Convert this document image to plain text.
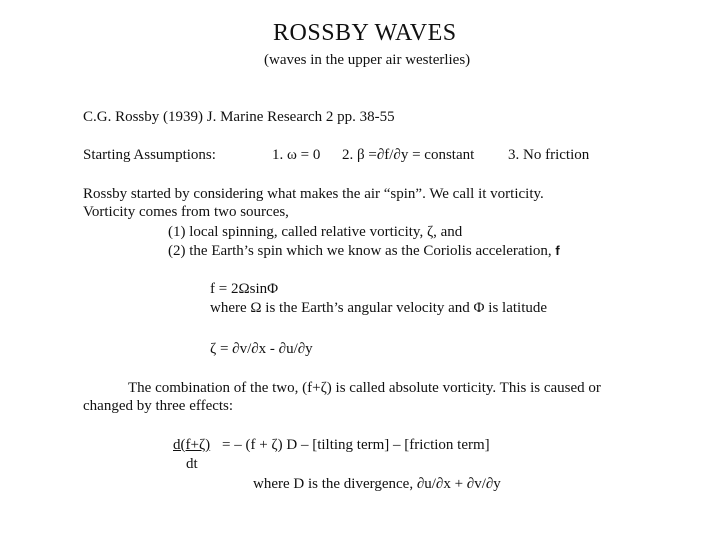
ROSSBY WAVES
(waves in the upper air westerlies)
C.G. Rossby (1939) J. Marine Research 2 pp. 38-55
Starting Assumptions:	1. ω = 0 2. β =∂f/∂y = constant 3. No friction
Rossby started by considering what makes the air “spin”. We call it vorticity.
Vorticity comes from two sources,
(1) local spinning, called relative vorticity, ζ, and
(2) the Earth’s spin which we know as the Coriolis acceleration, f
f = 2ΩsinΦ
where Ω is the Earth’s angular velocity and Φ is latitude
ζ = ∂v/∂x - ∂u/∂y
The combination of the two, (f+ζ) is called absolute vorticity. This is caused or
changed by three effects:
d(f+ζ)
dt
= – (f + ζ) D – [tilting term] – [friction term]
where D is the divergence, ∂u/∂x + ∂v/∂y
